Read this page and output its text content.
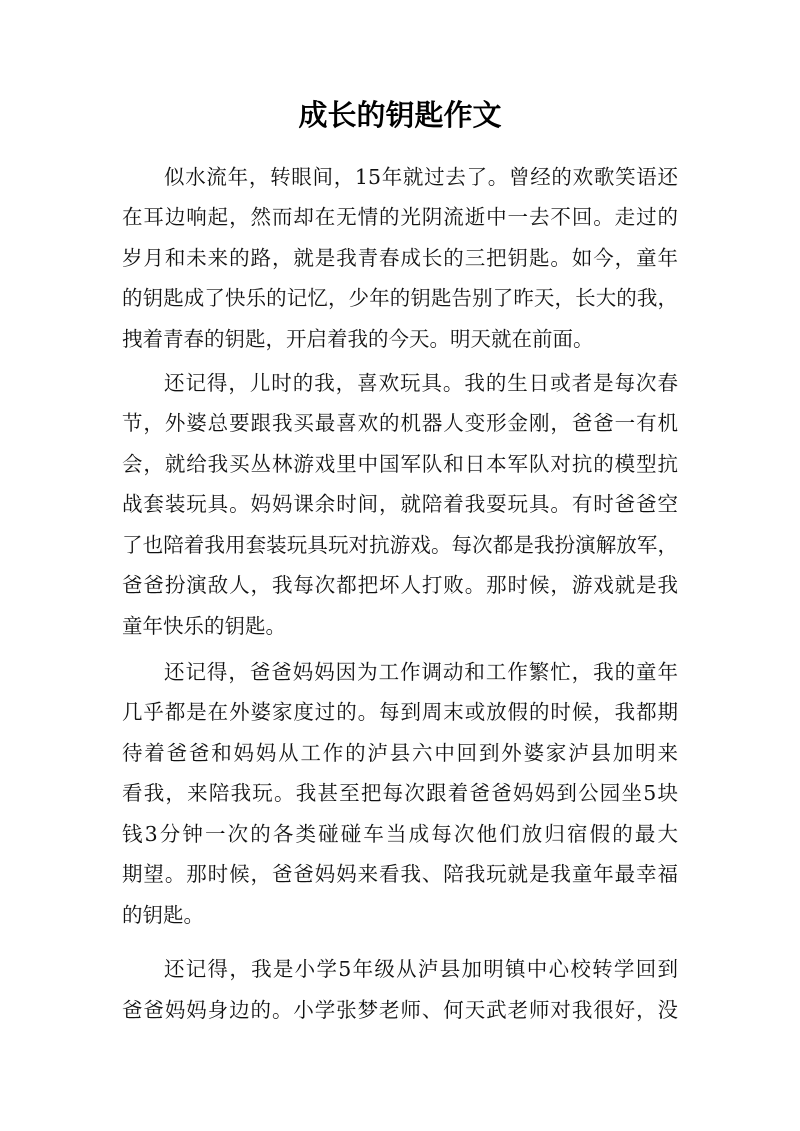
成长的钥匙作文
似水流年，转眼间，15年就过去了。曾经的欢歌笑语还
在耳边响起，然而却在无情的光阴流逝中一去不回。走过的
岁月和未来的路，就是我青春成长的三把钥匙。如今，童年
的钥匙成了快乐的记忆，少年的钥匙告别了昨天，长大的我，
拽着青春的钥匙，开启着我的今天。明天就在前面。
还记得，儿时的我，喜欢玩具。我的生日或者是每次春
节，外婆总要跟我买最喜欢的机器人变形金刚，爸爸一有机
会，就给我买丛林游戏里中国军队和日本军队对抗的模型抗
战套装玩具。妈妈课余时间，就陪着我耍玩具。有时爸爸空
了也陪着我用套装玩具玩对抗游戏。每次都是我扮演解放军，
爸爸扮演敌人，我每次都把坏人打败。那时候，游戏就是我
童年快乐的钥匙。
还记得，爸爸妈妈因为工作调动和工作繁忙，我的童年
几乎都是在外婆家度过的。每到周末或放假的时候，我都期
待着爸爸和妈妈从工作的泸县六中回到外婆家泸县加明来
看我，来陪我玩。我甚至把每次跟着爸爸妈妈到公园坐5块
钱3分钟一次的各类碰碰车当成每次他们放归宿假的最大
期望。那时候，爸爸妈妈来看我、陪我玩就是我童年最幸福
的钥匙。
还记得，我是小学5年级从泸县加明镇中心校转学回到
爸爸妈妈身边的。小学张梦老师、何天武老师对我很好，没
